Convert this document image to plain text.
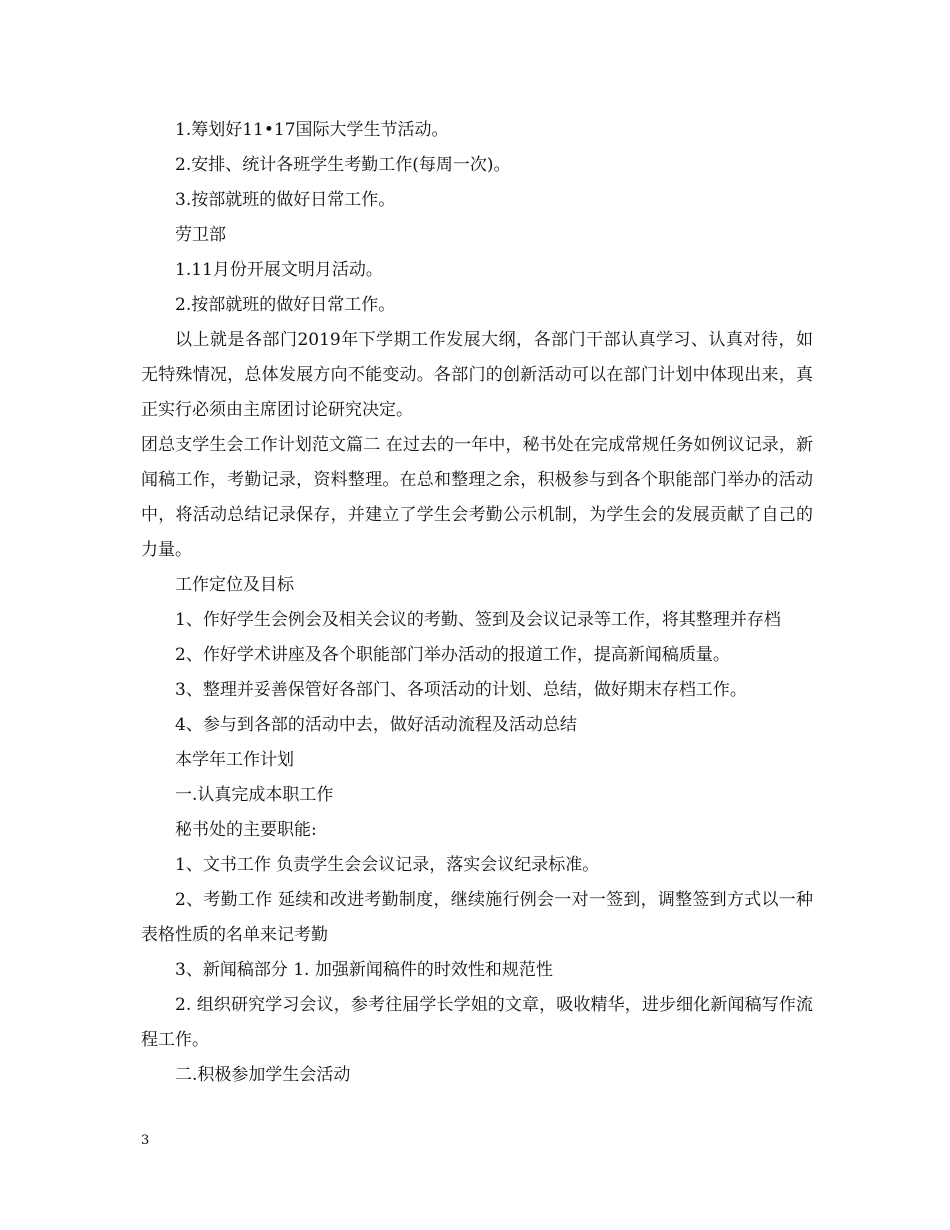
1.筹划好11•17国际大学生节活动。

2.安排、统计各班学生考勤工作(每周一次)。

3.按部就班的做好日常工作。

劳卫部

1.11月份开展文明月活动。

2.按部就班的做好日常工作。

以上就是各部门2019年下学期工作发展大纲，各部门干部认真学习、认真对待，如无特殊情况，总体发展方向不能变动。各部门的创新活动可以在部门计划中体现出来，真正实行必须由主席团讨论研究决定。

团总支学生会工作计划范文篇二 在过去的一年中，秘书处在完成常规任务如例议记录，新闻稿工作，考勤记录，资料整理。在总和整理之余，积极参与到各个职能部门举办的活动中，将活动总结记录保存，并建立了学生会考勤公示机制，为学生会的发展贡献了自己的力量。

工作定位及目标

1、作好学生会例会及相关会议的考勤、签到及会议记录等工作，将其整理并存档

2、作好学术讲座及各个职能部门举办活动的报道工作，提高新闻稿质量。

3、整理并妥善保管好各部门、各项活动的计划、总结，做好期末存档工作。

4、参与到各部的活动中去，做好活动流程及活动总结

本学年工作计划

一.认真完成本职工作

秘书处的主要职能:

1、文书工作 负责学生会会议记录，落实会议纪录标准。

2、考勤工作 延续和改进考勤制度，继续施行例会一对一签到，调整签到方式以一种表格性质的名单来记考勤

3、新闻稿部分 1. 加强新闻稿件的时效性和规范性

2. 组织研究学习会议，参考往届学长学姐的文章，吸收精华，进步细化新闻稿写作流程工作。

二.积极参加学生会活动

3
